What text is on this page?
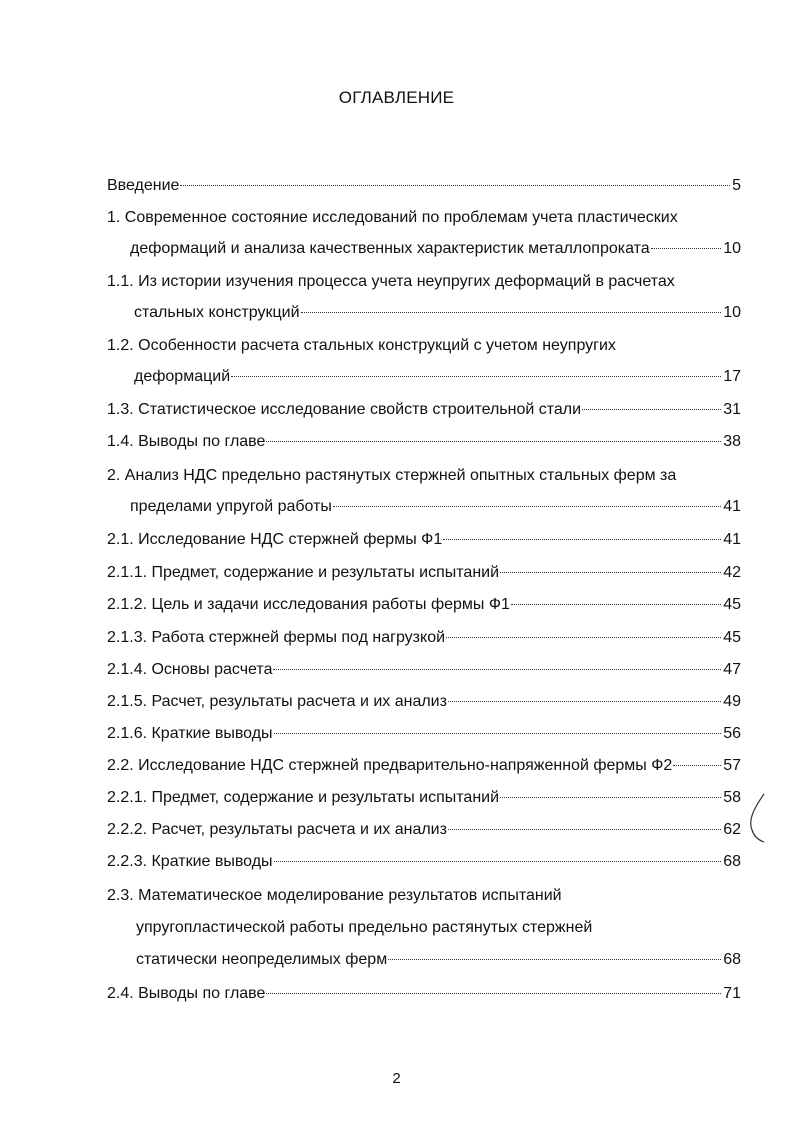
ОГЛАВЛЕНИЕ
Введение	5
1. Современное состояние исследований по проблемам учета пластических
деформаций и анализа качественных характеристик металлопроката	10
1.1. Из истории изучения процесса учета неупругих деформаций в расчетах
стальных конструкций	10
1.2. Особенности расчета стальных конструкций с учетом неупругих
деформаций	17
1.3. Статистическое исследование свойств строительной стали	31
1.4. Выводы по главе	38
2. Анализ НДС предельно растянутых стержней опытных стальных ферм за
пределами упругой работы	41
2.1. Исследование НДС стержней фермы Ф1	41
2.1.1. Предмет, содержание и результаты испытаний	42
2.1.2. Цель и задачи исследования работы фермы Ф1	45
2.1.3. Работа стержней фермы под нагрузкой	45
2.1.4. Основы расчета	47
2.1.5. Расчет, результаты расчета и их анализ	49
2.1.6. Краткие выводы	56
2.2. Исследование НДС стержней предварительно-напряженной фермы Ф2	57
2.2.1. Предмет, содержание и результаты испытаний	58
2.2.2. Расчет, результаты расчета и их анализ	62
2.2.3. Краткие выводы	68
2.3. Математическое моделирование результатов испытаний
упругопластической работы предельно растянутых стержней
статически неопределимых ферм	68
2.4. Выводы по главе	71
2
